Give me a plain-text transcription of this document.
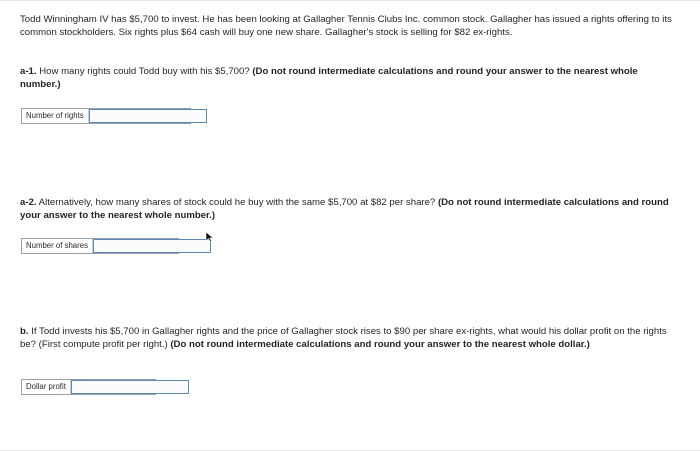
Todd Winningham IV has $5,700 to invest. He has been looking at Gallagher Tennis Clubs Inc. common stock. Gallagher has issued a rights offering to its common stockholders. Six rights plus $64 cash will buy one new share. Gallagher's stock is selling for $82 ex-rights.
a-1. How many rights could Todd buy with his $5,700? (Do not round intermediate calculations and round your answer to the nearest whole number.)
Number of rights
a-2. Alternatively, how many shares of stock could he buy with the same $5,700 at $82 per share? (Do not round intermediate calculations and round your answer to the nearest whole number.)
Number of shares
b. If Todd invests his $5,700 in Gallagher rights and the price of Gallagher stock rises to $90 per share ex-rights, what would his dollar profit on the rights be? (First compute profit per right.) (Do not round intermediate calculations and round your answer to the nearest whole dollar.)
Dollar profit
